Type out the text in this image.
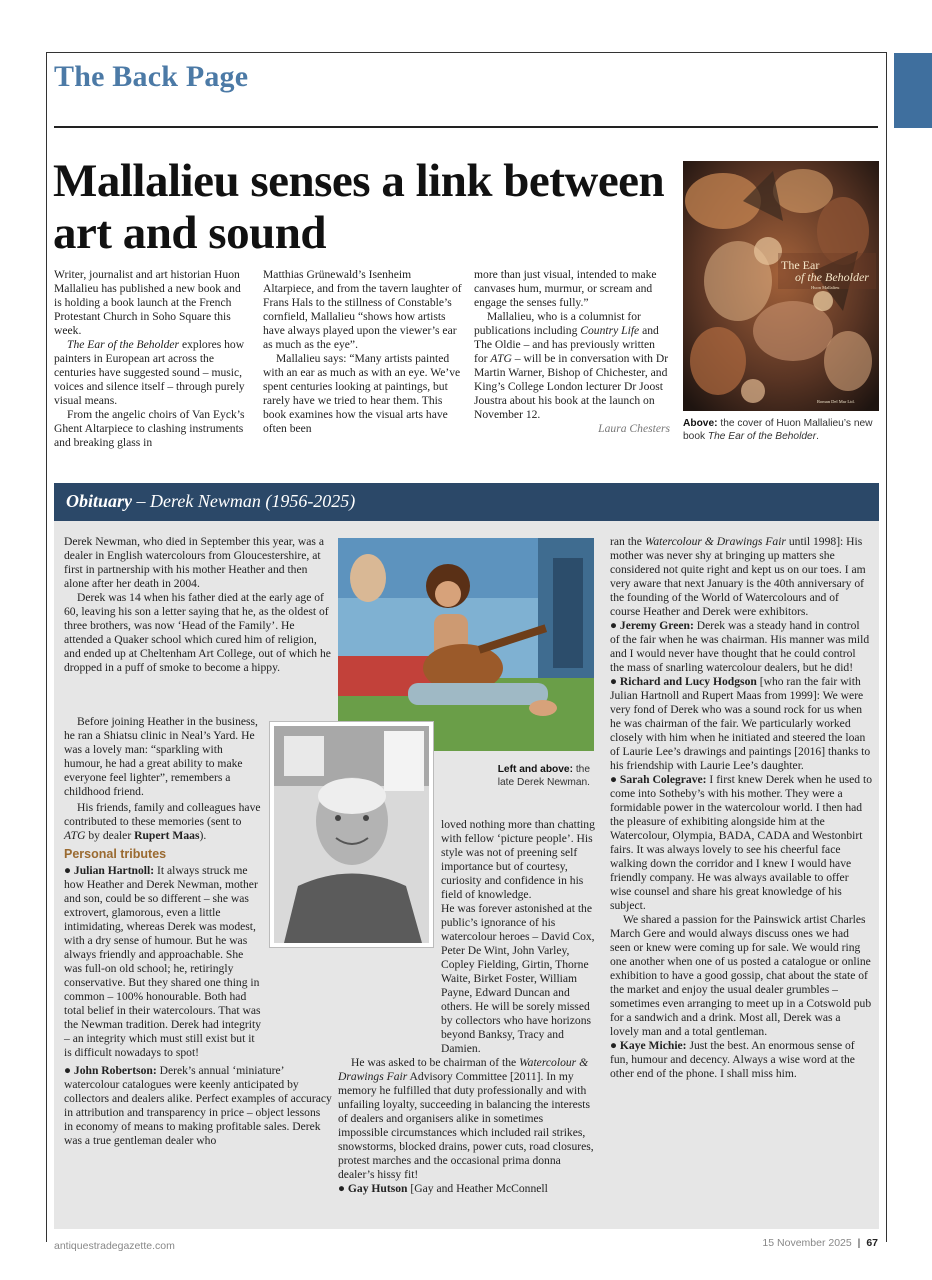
The Back Page
Mallalieu senses a link between art and sound

Writer, journalist and art historian Huon Mallalieu has published a new book and is holding a book launch at the French Protestant Church in Soho Square this week.

The Ear of the Beholder explores how painters in European art across the centuries have suggested sound – music, voices and silence itself – through purely visual means.

From the angelic choirs of Van Eyck’s Ghent Altarpiece to clashing instruments and breaking glass in

Matthias Grünewald’s Isenheim Altarpiece, and from the tavern laughter of Frans Hals to the stillness of Constable’s cornfield, Mallalieu “shows how artists have always played upon the viewer’s ear as much as the eye”.

Mallalieu says: “Many artists painted with an ear as much as with an eye. We’ve spent centuries looking at paintings, but rarely have we tried to hear them. This book examines how the visual arts have often been

more than just visual, intended to make canvases hum, murmur, or scream and engage the senses fully.”

Mallalieu, who is a columnist for publications including Country Life and The Oldie – and has previously written for ATG – will be in conversation with Dr Martin Warner, Bishop of Chichester, and King’s College London lecturer Dr Joost Joustra about his book at the launch on November 12.

Laura Chesters

The Ear
of the Beholder
Huon Mallalieu
Roman Del Mar Ltd.
Above: the cover of Huon Mallalieu’s new book The Ear of the Beholder.
Obituary – Derek Newman (1956-2025)
Left and above: the late Derek Newman.

Derek Newman, who died in September this year, was a dealer in English watercolours from Gloucestershire, at first in partnership with his mother Heather and then alone after her death in 2004.

Derek was 14 when his father died at the early age of 60, leaving his son a letter saying that he, as the oldest of three brothers, was now ‘Head of the Family’. He attended a Quaker school which cured him of religion, and ended up at Cheltenham Art College, out of which he dropped in a puff of smoke to become a hippy.

Before joining Heather in the business, he ran a Shiatsu clinic in Neal’s Yard. He was a lovely man: “sparkling with humour, he had a great ability to make everyone feel lighter”, remembers a childhood friend.

His friends, family and colleagues have contributed to these memories (sent to ATG by dealer Rupert Maas).

Personal tributes

● Julian Hartnoll: It always struck me how Heather and Derek Newman, mother and son, could be so different – she was extrovert, glamorous, even a little intimidating, whereas Derek was modest, with a dry sense of humour. But he was always friendly and approachable. She was full-on old school; he, retiringly conservative. But they shared one thing in common – 100% honourable. Both had total belief in their watercolours. That was the Newman tradition. Derek had integrity – an integrity which must still exist but it is difficult nowadays to spot!

● John Robertson: Derek’s annual ‘miniature’ watercolour catalogues were keenly anticipated by collectors and dealers alike. Perfect examples of accuracy in attribution and transparency in price – object lessons in economy of means to making profitable sales. Derek was a true gentleman dealer who

loved nothing more than chatting with fellow ‘picture people’. His style was not of preening self importance but of courtesy, curiosity and confidence in his field of knowledge.

He was forever astonished at the public’s ignorance of his watercolour heroes – David Cox, Peter De Wint, John Varley, Copley Fielding, Girtin, Thorne Waite, Birket Foster, William Payne, Edward Duncan and others. He will be sorely missed by collectors who have horizons beyond Banksy, Tracy and Damien.

He was asked to be chairman of the Watercolour & Drawings Fair Advisory Committee [2011]. In my memory he fulfilled that duty professionally and with unfailing loyalty, succeeding in balancing the interests of dealers and organisers alike in sometimes impossible circumstances which included rail strikes, snowstorms, blocked drains, power cuts, road closures, protest marches and the occasional prima donna dealer’s hissy fit!

● Gay Hutson [Gay and Heather McConnell

ran the Watercolour & Drawings Fair until 1998]: His mother was never shy at bringing up matters she considered not quite right and kept us on our toes. I am very aware that next January is the 40th anniversary of the founding of the World of Watercolours and of course Heather and Derek were exhibitors.

● Jeremy Green: Derek was a steady hand in control of the fair when he was chairman. His manner was mild and I would never have thought that he could control the mass of snarling watercolour dealers, but he did!

● Richard and Lucy Hodgson [who ran the fair with Julian Hartnoll and Rupert Maas from 1999]: We were very fond of Derek who was a sound rock for us when he was chairman of the fair. We particularly worked closely with him when he initiated and steered the loan of Laurie Lee’s drawings and paintings [2016] thanks to his friendship with Laurie Lee’s daughter.

● Sarah Colegrave: I first knew Derek when he used to come into Sotheby’s with his mother. They were a formidable power in the watercolour world. I then had the pleasure of exhibiting alongside him at the Watercolour, Olympia, BADA, CADA and Westonbirt fairs. It was always lovely to see his cheerful face walking down the corridor and I knew I would have friendly company. He was always available to offer wise counsel and share his great knowledge of his subject.

We shared a passion for the Painswick artist Charles March Gere and would always discuss ones we had seen or knew were coming up for sale. We would ring one another when one of us posted a catalogue or online exhibition to have a good gossip, chat about the state of the market and enjoy the usual dealer grumbles – sometimes even arranging to meet up in a Cotswold pub for a sandwich and a drink. Most all, Derek was a lovely man and a total gentleman.

● Kaye Michie: Just the best. An enormous sense of fun, humour and decency. Always a wise word at the other end of the phone. I shall miss him.

antiquestradegazette.com	15 November 2025 | 67
